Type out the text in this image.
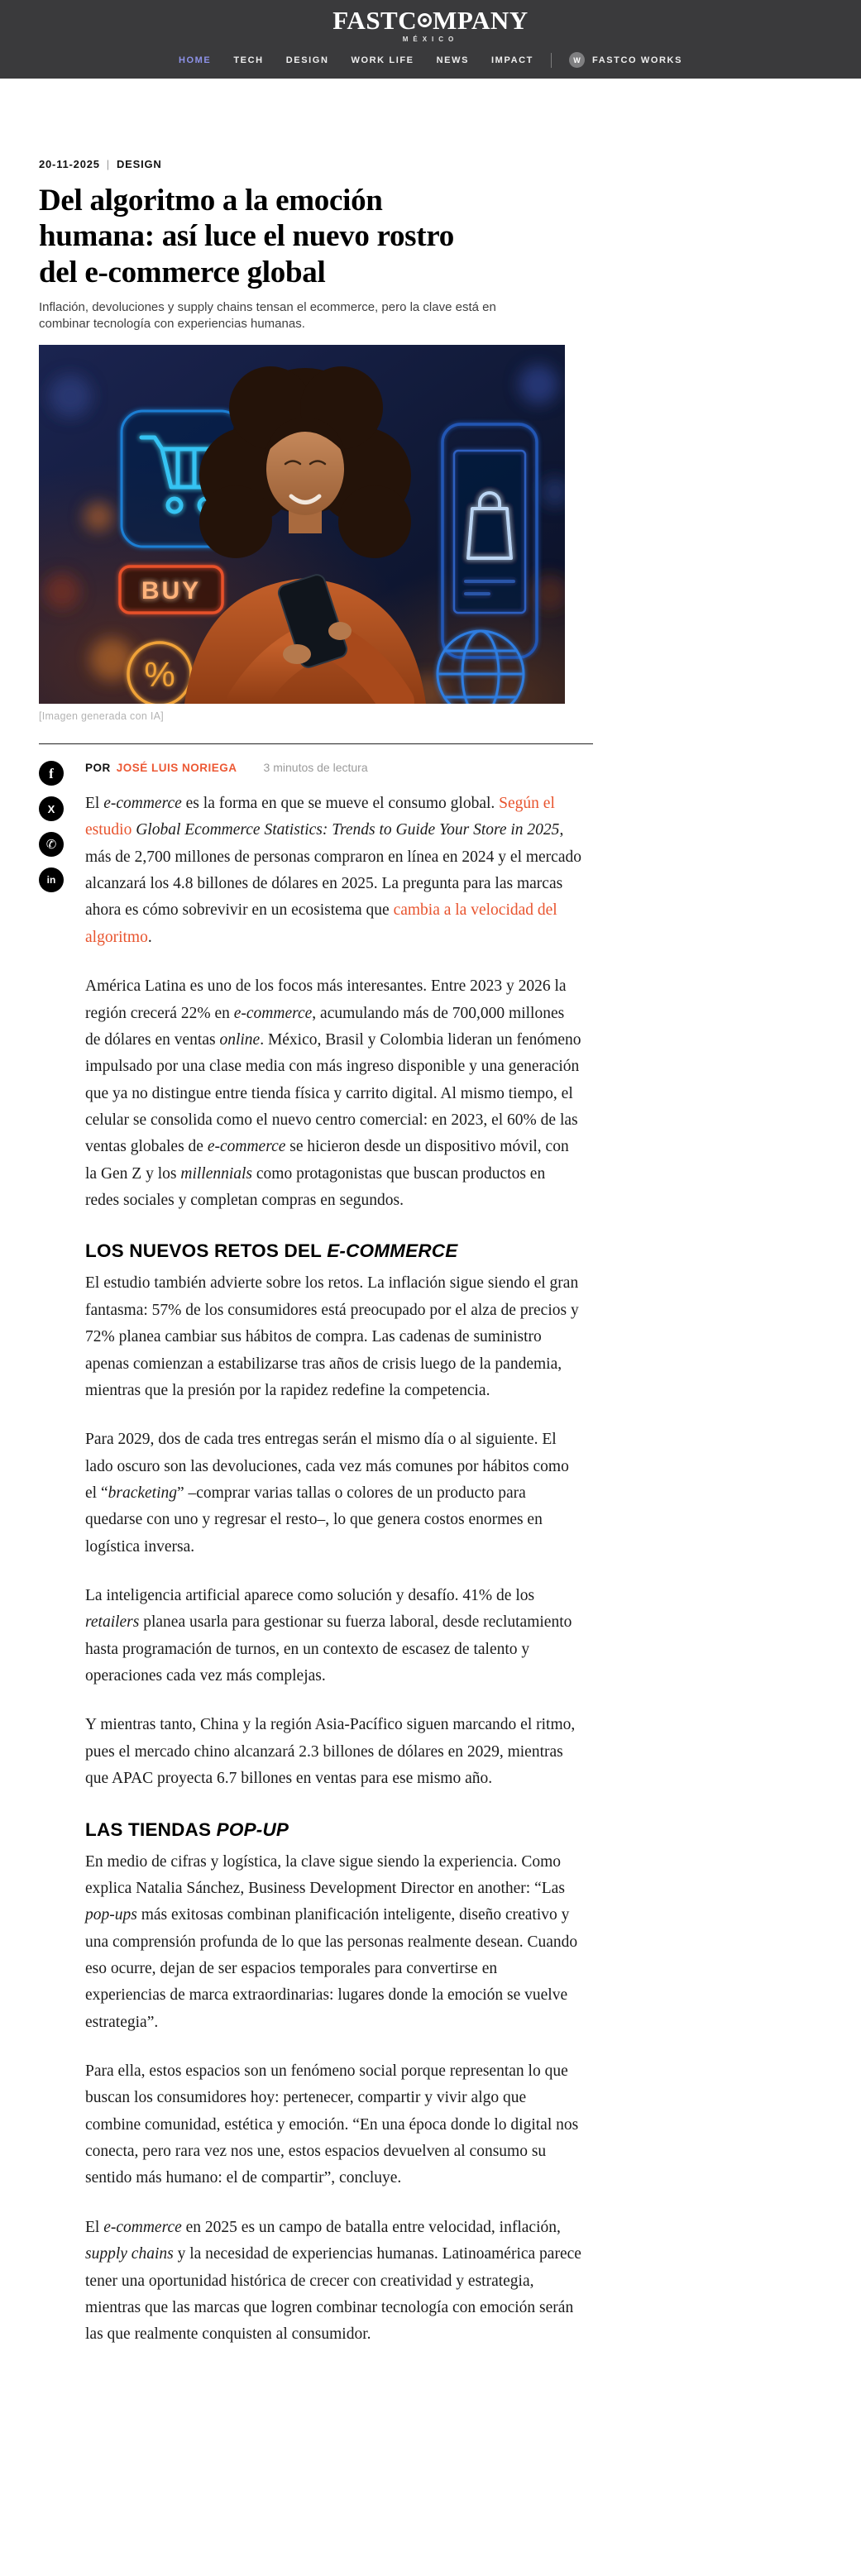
FASTC MPANY
MÉXICO
HOME TECH DESIGN WORK LIFE NEWS IMPACT	W	FASTCO WORKS
20-11-2025 | DESIGN
Del algoritmo a la emoción
humana: así luce el nuevo rostro
del e-commerce global

Inflación, devoluciones y supply chains tensan el ecommerce, pero la clave está en combinar tecnología con experiencias humanas.

BUY
%
[Imagen generada con IA]
f
X
✆
in
POR JOSÉ LUIS NORIEGA 3 minutos de lectura

El e-commerce es la forma en que se mueve el consumo global. Según el estudio Global Ecommerce Statistics: Trends to Guide Your Store in 2025, más de 2,700 millones de personas compraron en línea en 2024 y el mercado alcanzará los 4.8 billones de dólares en 2025. La pregunta para las marcas ahora es cómo sobrevivir en un ecosistema que cambia a la velocidad del algoritmo.

América Latina es uno de los focos más interesantes. Entre 2023 y 2026 la región crecerá 22% en e-commerce, acumulando más de 700,000 millones de dólares en ventas online. México, Brasil y Colombia lideran un fenómeno impulsado por una clase media con más ingreso disponible y una generación que ya no distingue entre tienda física y carrito digital. Al mismo tiempo, el celular se consolida como el nuevo centro comercial: en 2023, el 60% de las ventas globales de e-commerce se hicieron desde un dispositivo móvil, con la Gen Z y los millennials como protagonistas que buscan productos en redes sociales y completan compras en segundos.

LOS NUEVOS RETOS DEL E-COMMERCE

El estudio también advierte sobre los retos. La inflación sigue siendo el gran fantasma: 57% de los consumidores está preocupado por el alza de precios y 72% planea cambiar sus hábitos de compra. Las cadenas de suministro apenas comienzan a estabilizarse tras años de crisis luego de la pandemia, mientras que la presión por la rapidez redefine la competencia.

Para 2029, dos de cada tres entregas serán el mismo día o al siguiente. El lado oscuro son las devoluciones, cada vez más comunes por hábitos como el “bracketing” –comprar varias tallas o colores de un producto para quedarse con uno y regresar el resto–, lo que genera costos enormes en logística inversa.

La inteligencia artificial aparece como solución y desafío. 41% de los retailers planea usarla para gestionar su fuerza laboral, desde reclutamiento hasta programación de turnos, en un contexto de escasez de talento y operaciones cada vez más complejas.

Y mientras tanto, China y la región Asia-Pacífico siguen marcando el ritmo, pues el mercado chino alcanzará 2.3 billones de dólares en 2029, mientras que APAC proyecta 6.7 billones en ventas para ese mismo año.

LAS TIENDAS POP-UP

En medio de cifras y logística, la clave sigue siendo la experiencia. Como explica Natalia Sánchez, Business Development Director en another: “Las pop-ups más exitosas combinan planificación inteligente, diseño creativo y una comprensión profunda de lo que las personas realmente desean. Cuando eso ocurre, dejan de ser espacios temporales para convertirse en experiencias de marca extraordinarias: lugares donde la emoción se vuelve estrategia”.

Para ella, estos espacios son un fenómeno social porque representan lo que buscan los consumidores hoy: pertenecer, compartir y vivir algo que combine comunidad, estética y emoción. “En una época donde lo digital nos conecta, pero rara vez nos une, estos espacios devuelven al consumo su sentido más humano: el de compartir”, concluye.

El e-commerce en 2025 es un campo de batalla entre velocidad, inflación, supply chains y la necesidad de experiencias humanas. Latinoamérica parece tener una oportunidad histórica de crecer con creatividad y estrategia, mientras que las marcas que logren combinar tecnología con emoción serán las que realmente conquisten al consumidor.
